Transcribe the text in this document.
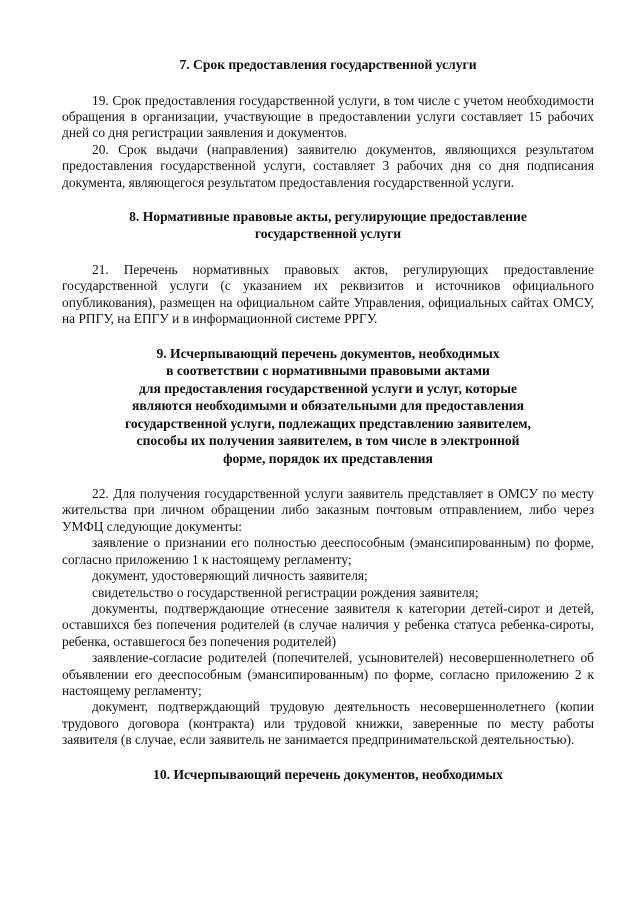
7. Срок предоставления государственной услуги

19. Срок предоставления государственной услуги, в том числе с учетом необходимости обращения в организации, участвующие в предоставлении услуги составляет 15 рабочих дней со дня регистрации заявления и документов.

20. Срок выдачи (направления) заявителю документов, являющихся результатом предоставления государственной услуги, составляет 3 рабочих дня со дня подписания документа, являющегося результатом предоставления государственной услуги.

8. Нормативные правовые акты, регулирующие предоставление

государственной услуги

21. Перечень нормативных правовых актов, регулирующих предоставление государственной услуги (с указанием их реквизитов и источников официального опубликования), размещен на официальном сайте Управления, официальных сайтах ОМСУ, на РПГУ, на ЕПГУ и в информационной системе РРГУ.

9. Исчерпывающий перечень документов, необходимых

в соответствии с нормативными правовыми актами

для предоставления государственной услуги и услуг, которые

являются необходимыми и обязательными для предоставления

государственной услуги, подлежащих представлению заявителем,

способы их получения заявителем, в том числе в электронной

форме, порядок их представления

22. Для получения государственной услуги заявитель представляет в ОМСУ по месту жительства при личном обращении либо заказным почтовым отправлением, либо через УМФЦ следующие документы:

заявление о признании его полностью дееспособным (эмансипированным) по форме, согласно приложению 1 к настоящему регламенту;

документ, удостоверяющий личность заявителя;

свидетельство о государственной регистрации рождения заявителя;

документы, подтверждающие отнесение заявителя к категории детей-сирот и детей, оставшихся без попечения родителей (в случае наличия у ребенка статуса ребенка-сироты, ребенка, оставшегося без попечения родителей)

заявление-согласие родителей (попечителей, усыновителей) несовершеннолетнего об объявлении его дееспособным (эмансипированным) по форме, согласно приложению 2 к настоящему регламенту;

документ, подтверждающий трудовую деятельность несовершеннолетнего (копии трудового договора (контракта) или трудовой книжки, заверенные по месту работы заявителя (в случае, если заявитель не занимается предпринимательской деятельностью).

10. Исчерпывающий перечень документов, необходимых
